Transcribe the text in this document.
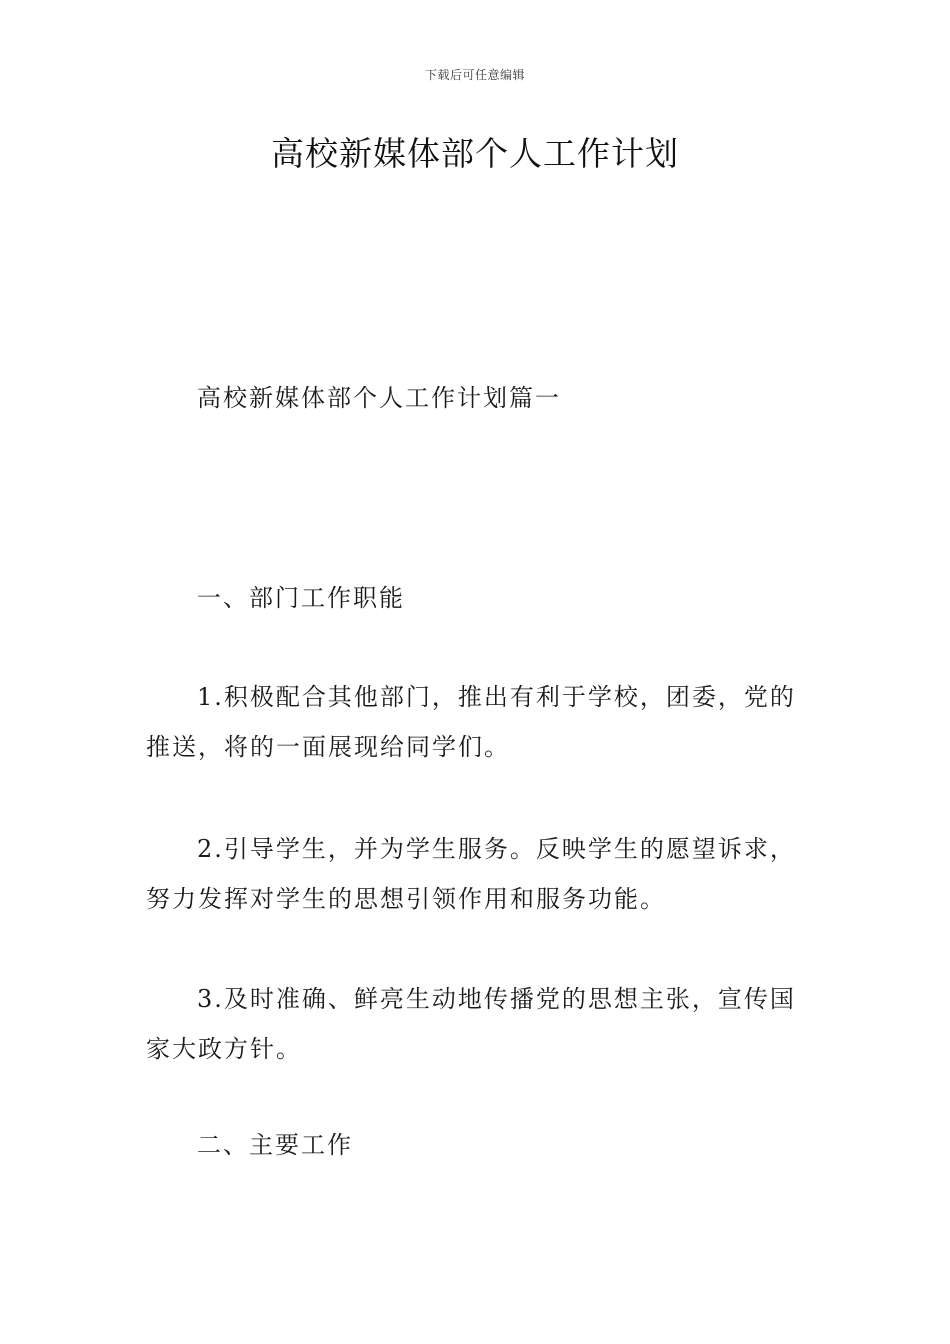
下载后可任意编辑
高校新媒体部个人工作计划
高校新媒体部个人工作计划篇一
一、部门工作职能
1.积极配合其他部门，推出有利于学校，团委，党的推送，将的一面展现给同学们。
2.引导学生，并为学生服务。反映学生的愿望诉求，努力发挥对学生的思想引领作用和服务功能。
3.及时准确、鲜亮生动地传播党的思想主张，宣传国家大政方针。
二、主要工作
